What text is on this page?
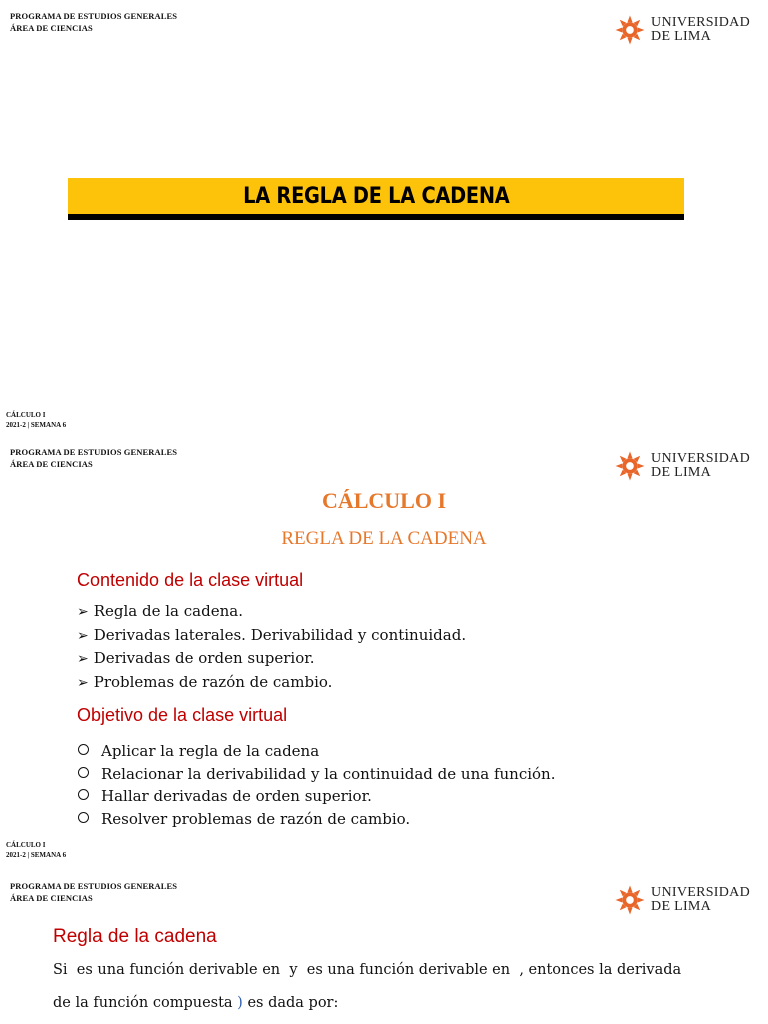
PROGRAMA DE ESTUDIOS GENERALES
ÁREA DE CIENCIAS	UNIVERSIDAD
DE LIMA
LA REGLA DE LA CADENA
CÁLCULO I
2021-2 | SEMANA 6
PROGRAMA DE ESTUDIOS GENERALES
ÁREA DE CIENCIAS	UNIVERSIDAD
DE LIMA
CÁLCULO I
REGLA DE LA CADENA
Contenido de la clase virtual
➢ Regla de la cadena.
➢ Derivadas laterales. Derivabilidad y continuidad.
➢ Derivadas de orden superior.
➢ Problemas de razón de cambio.
Objetivo de la clase virtual
Aplicar la regla de la cadena
Relacionar la derivabilidad y la continuidad de una función.
Hallar derivadas de orden superior.
Resolver problemas de razón de cambio.
CÁLCULO I
2021-2 | SEMANA 6
PROGRAMA DE ESTUDIOS GENERALES
ÁREA DE CIENCIAS	UNIVERSIDAD
DE LIMA
Regla de la cadena
Si  es una función derivable en  y  es una función derivable en  , entonces la derivada
de la función compuesta ) es dada por:
